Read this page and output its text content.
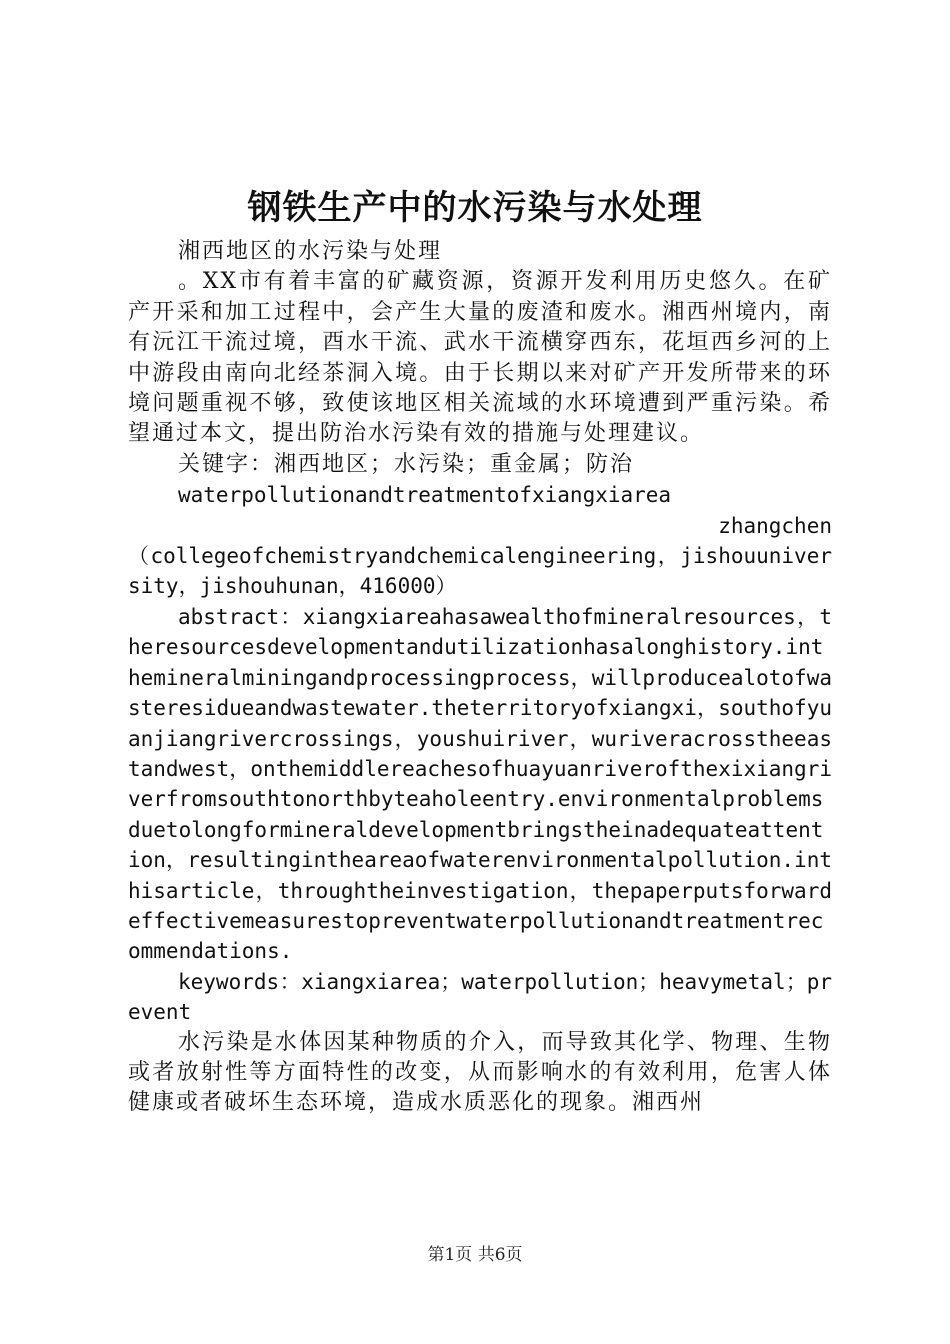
钢铁生产中的水污染与水处理

湘西地区的水污染与处理

。XX市有着丰富的矿藏资源，资源开发利用历史悠久。在矿产开采和加工过程中，会产生大量的废渣和废水。湘西州境内，南有沅江干流过境，酉水干流、武水干流横穿西东，花垣西乡河的上中游段由南向北经茶洞入境。由于长期以来对矿产开发所带来的环境问题重视不够，致使该地区相关流域的水环境遭到严重污染。希望通过本文，提出防治水污染有效的措施与处理建议。

关键字：湘西地区；水污染；重金属；防治

waterpollutionandtreatmentofxiangxiarea

zhangchen

（collegeofchemistryandchemicalengineering，jishouuniversity，jishouhunan，416000）

abstract：xiangxiareahasawealthofmineralresources，theresourcesdevelopmentandutilizationhasalonghistory.inthemineralminingandprocessingprocess，willproducealotofwasteresidueandwastewater.theterritoryofxiangxi，southofyuanjiangrivercrossings，youshuiriver，wuriveracrosstheeastandwest，onthemiddlereachesofhuayuanriverofthexixiangriverfromsouthtonorthbyteaholeentry.environmentalproblemsduetolongformineraldevelopmentbringstheinadequateattention，resultingintheareaofwaterenvironmentalpollution.inthisarticle，throughtheinvestigation，thepaperputsforwardeffectivemeasurestopreventwaterpollutionandtreatmentrecommendations.

keywords：xiangxiarea；waterpollution；heavymetal；prevent

水污染是水体因某种物质的介入，而导致其化学、物理、生物或者放射性等方面特性的改变，从而影响水的有效利用，危害人体健康或者破坏生态环境，造成水质恶化的现象。湘西州

第1页 共6页
